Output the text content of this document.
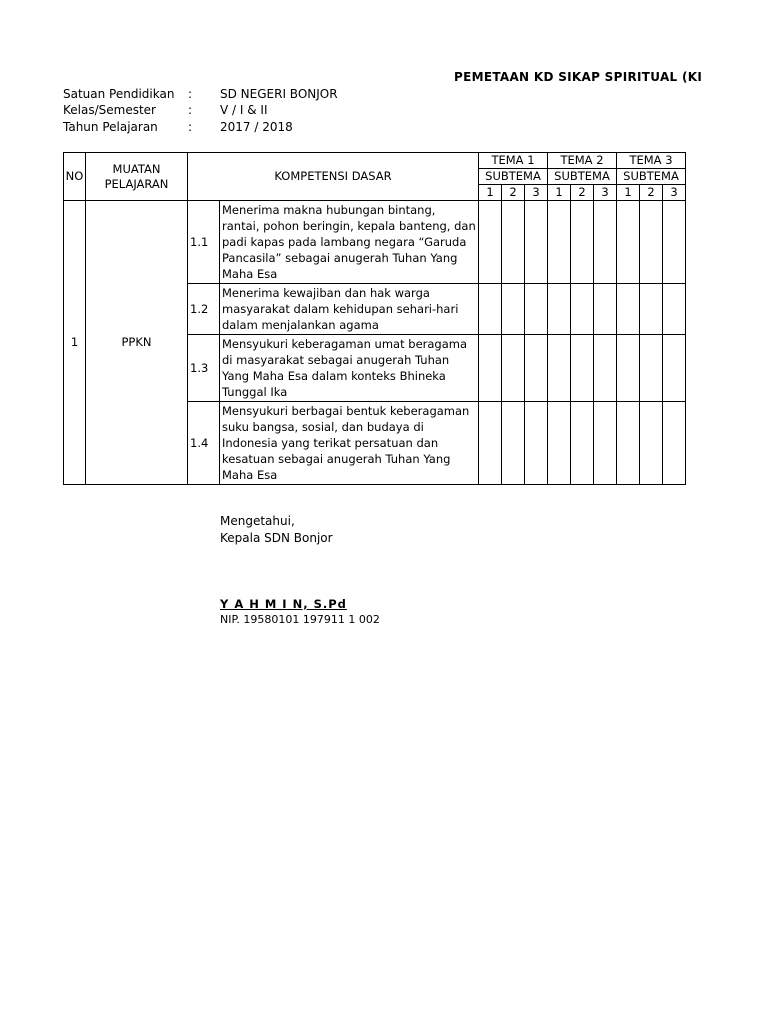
PEMETAAN KD SIKAP SPIRITUAL (KI
Satuan Pendidikan : SD NEGERI BONJOR
Kelas/Semester	: V / I & II
Tahun Pelajaran	: 2017 / 2018
NO	MUATAN PELAJARAN	KOMPETENSI DASAR		TEMA 1			TEMA 2			TEMA 3		
				SUBTEMA			SUBTEMA			SUBTEMA		
				1	2	3	1	2	3	1	2	3
1	PPKN	1.1	Menerima makna hubungan bintang, rantai, pohon beringin, kepala banteng, dan padi kapas pada lambang negara “Garuda Pancasila” sebagai anugerah Tuhan Yang Maha Esa									
		1.2	Menerima kewajiban dan hak warga masyarakat dalam kehidupan sehari-hari dalam menjalankan agama									
		1.3	Mensyukuri keberagaman umat beragama di masyarakat sebagai anugerah Tuhan Yang Maha Esa dalam konteks Bhineka Tunggal Ika									
		1.4	Mensyukuri berbagai bentuk keberagaman suku bangsa, sosial, dan budaya di Indonesia yang terikat persatuan dan kesatuan sebagai anugerah Tuhan Yang Maha Esa									
Mengetahui,
Kepala SDN Bonjor
Y A H M I N, S.Pd
NIP. 19580101 197911 1 002
